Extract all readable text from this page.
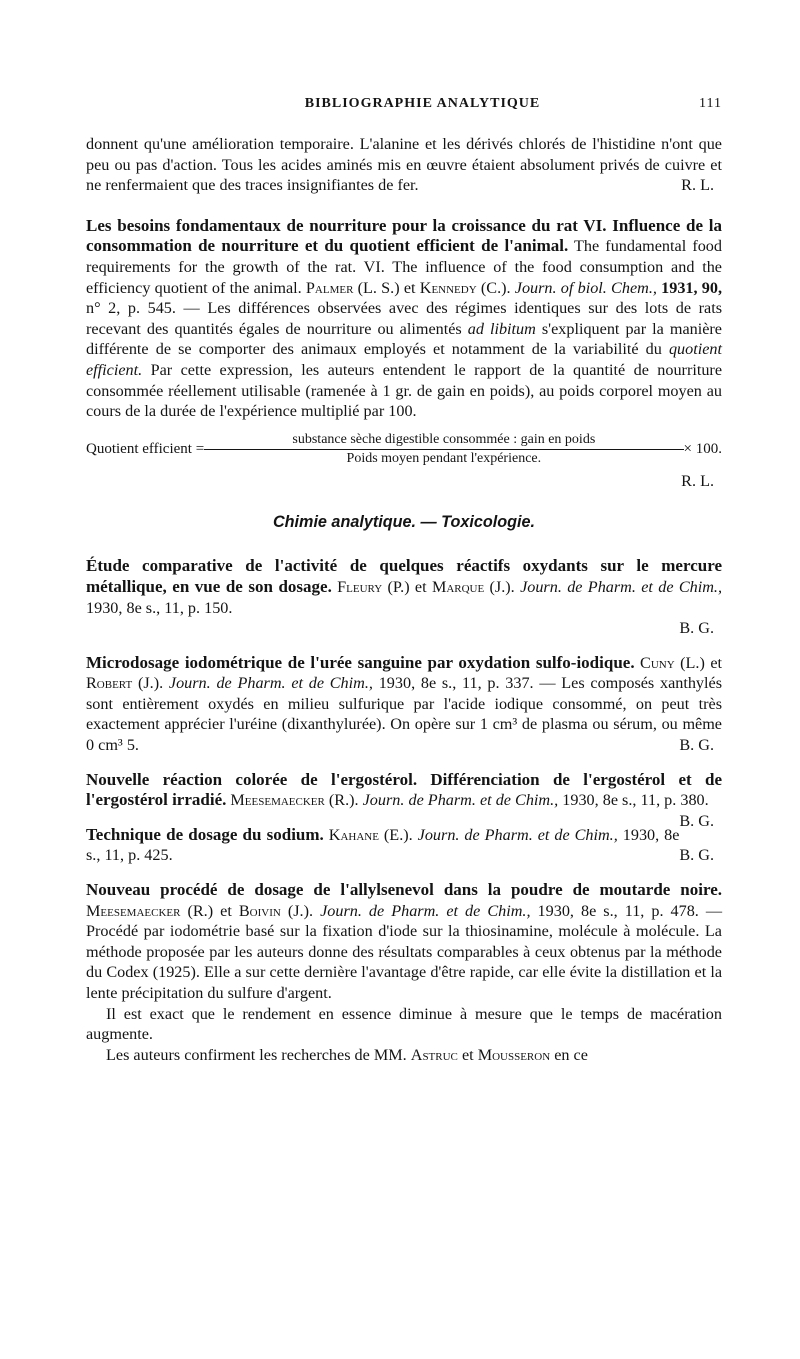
BIBLIOGRAPHIE ANALYTIQUE	111

donnent qu'une amélioration temporaire. L'alanine et les dérivés chlorés de l'histidine n'ont que peu ou pas d'action. Tous les acides aminés mis en œuvre étaient absolument privés de cuivre et ne renfermaient que des traces insignifiantes de fer.	R. L.

Les besoins fondamentaux de nourriture pour la croissance du rat VI. Influence de la consommation de nourriture et du quotient efficient de l'animal. The fundamental food requirements for the growth of the rat. VI. The influence of the food consumption and the efficiency quotient of the animal. Palmer (L. S.) et Kennedy (C.). Journ. of biol. Chem., 1931, 90, n° 2, p. 545. — Les différences observées avec des régimes identiques sur des lots de rats recevant des quantités égales de nourriture ou alimentés ad libitum s'expliquent par la manière différente de se comporter des animaux employés et notamment de la variabilité du quotient efficient. Par cette expression, les auteurs entendent le rapport de la quantité de nourriture consommée réellement utilisable (ramenée à 1 gr. de gain en poids), au poids corporel moyen au cours de la durée de l'expérience multiplié par 100.

Quotient efficient = $\frac{\text{substance sèche digestible consommée : gain en poids}}{\text{Poids moyen pendant l'expérience.}} \times 100$.

R. L.

Chimie analytique. — Toxicologie.

Étude comparative de l'activité de quelques réactifs oxydants sur le mercure métallique, en vue de son dosage. Fleury (P.) et Marque (J.). Journ. de Pharm. et de Chim., 1930, 8e s., 11, p. 150.

B. G.

Microdosage iodométrique de l'urée sanguine par oxydation sulfo-iodique. Cuny (L.) et Robert (J.). Journ. de Pharm. et de Chim., 1930, 8e s., 11, p. 337. — Les composés xanthylés sont entièrement oxydés en milieu sulfurique par l'acide iodique consommé, on peut très exactement apprécier l'uréine (dixanthylurée). On opère sur 1 cm³ de plasma ou sérum, ou même 0 cm³ 5.	B. G.

Nouvelle réaction colorée de l'ergostérol. Différenciation de l'ergostérol et de l'ergostérol irradié. Meesemaecker (R.). Journ. de Pharm. et de Chim., 1930, 8e s., 11, p. 380.
B. G.

Technique de dosage du sodium. Kahane (E.). Journ. de Pharm. et de Chim., 1930, 8e s., 11, p. 425.	B. G.

Nouveau procédé de dosage de l'allylsenevol dans la poudre de moutarde noire. Meesemaecker (R.) et Boivin (J.). Journ. de Pharm. et de Chim., 1930, 8e s., 11, p. 478. — Procédé par iodométrie basé sur la fixation d'iode sur la thiosinamine, molécule à molécule. La méthode proposée par les auteurs donne des résultats comparables à ceux obtenus par la méthode du Codex (1925). Elle a sur cette dernière l'avantage d'être rapide, car elle évite la distillation et la lente précipitation du sulfure d'argent.

Il est exact que le rendement en essence diminue à mesure que le temps de macération augmente.

Les auteurs confirment les recherches de MM. Astruc et Mousseron en ce
